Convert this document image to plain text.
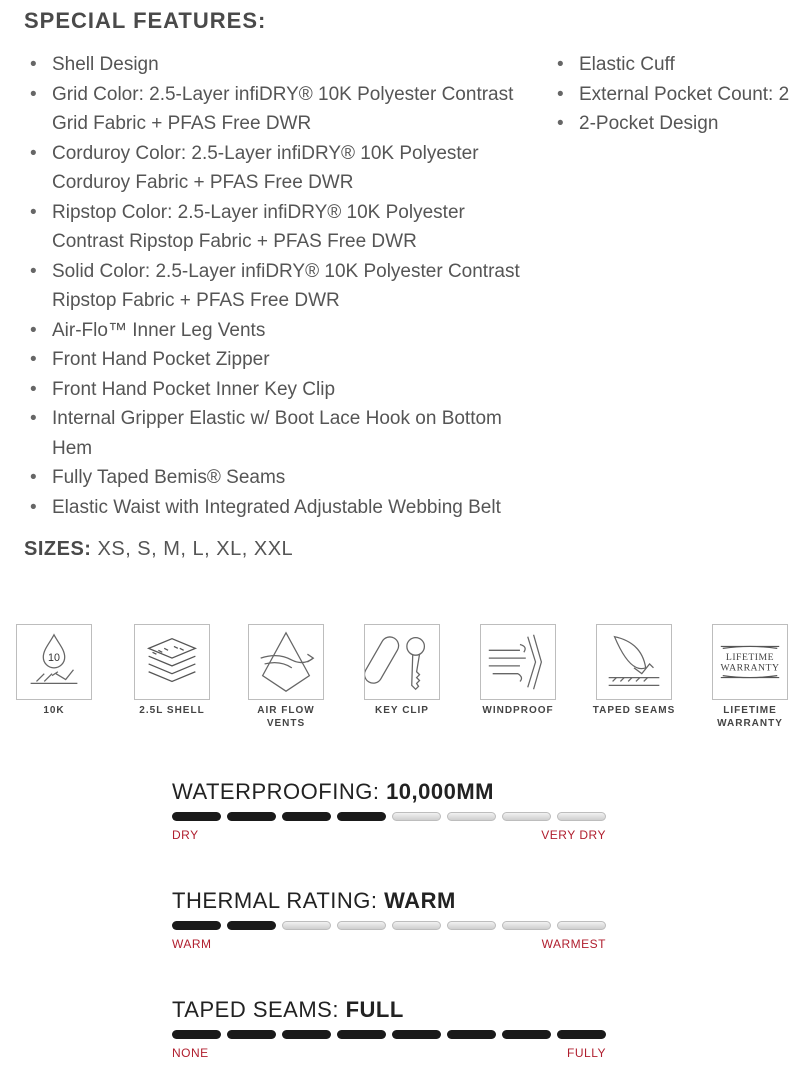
SPECIAL FEATURES:
• Shell Design
• Grid Color: 2.5-Layer infiDRY® 10K Polyester Contrast
Grid Fabric + PFAS Free DWR
• Corduroy Color: 2.5-Layer infiDRY® 10K Polyester
Corduroy Fabric + PFAS Free DWR
• Ripstop Color: 2.5-Layer infiDRY® 10K Polyester
Contrast Ripstop Fabric + PFAS Free DWR
• Solid Color: 2.5-Layer infiDRY® 10K Polyester Contrast
Ripstop Fabric + PFAS Free DWR
• Air-Flo™ Inner Leg Vents
• Front Hand Pocket Zipper
• Front Hand Pocket Inner Key Clip
• Internal Gripper Elastic w/ Boot Lace Hook on Bottom
Hem
• Fully Taped Bemis® Seams
• Elastic Waist with Integrated Adjustable Webbing Belt
• Elastic Cuff
• External Pocket Count: 2
• 2-Pocket Design
SIZES: XS, S, M, L, XL, XXL
10
10K	2.5L SHELL	AIR FLOW
VENTS
KEY CLIP	WINDPROOF	TAPED SEAMS
LIFETIME
WARRANTY
LIFETIME
WARRANTY
WATERPROOFING: 10,000MM
DRY	VERY DRY
THERMAL RATING: WARM
WARM	WARMEST
TAPED SEAMS: FULL
NONE	FULLY
